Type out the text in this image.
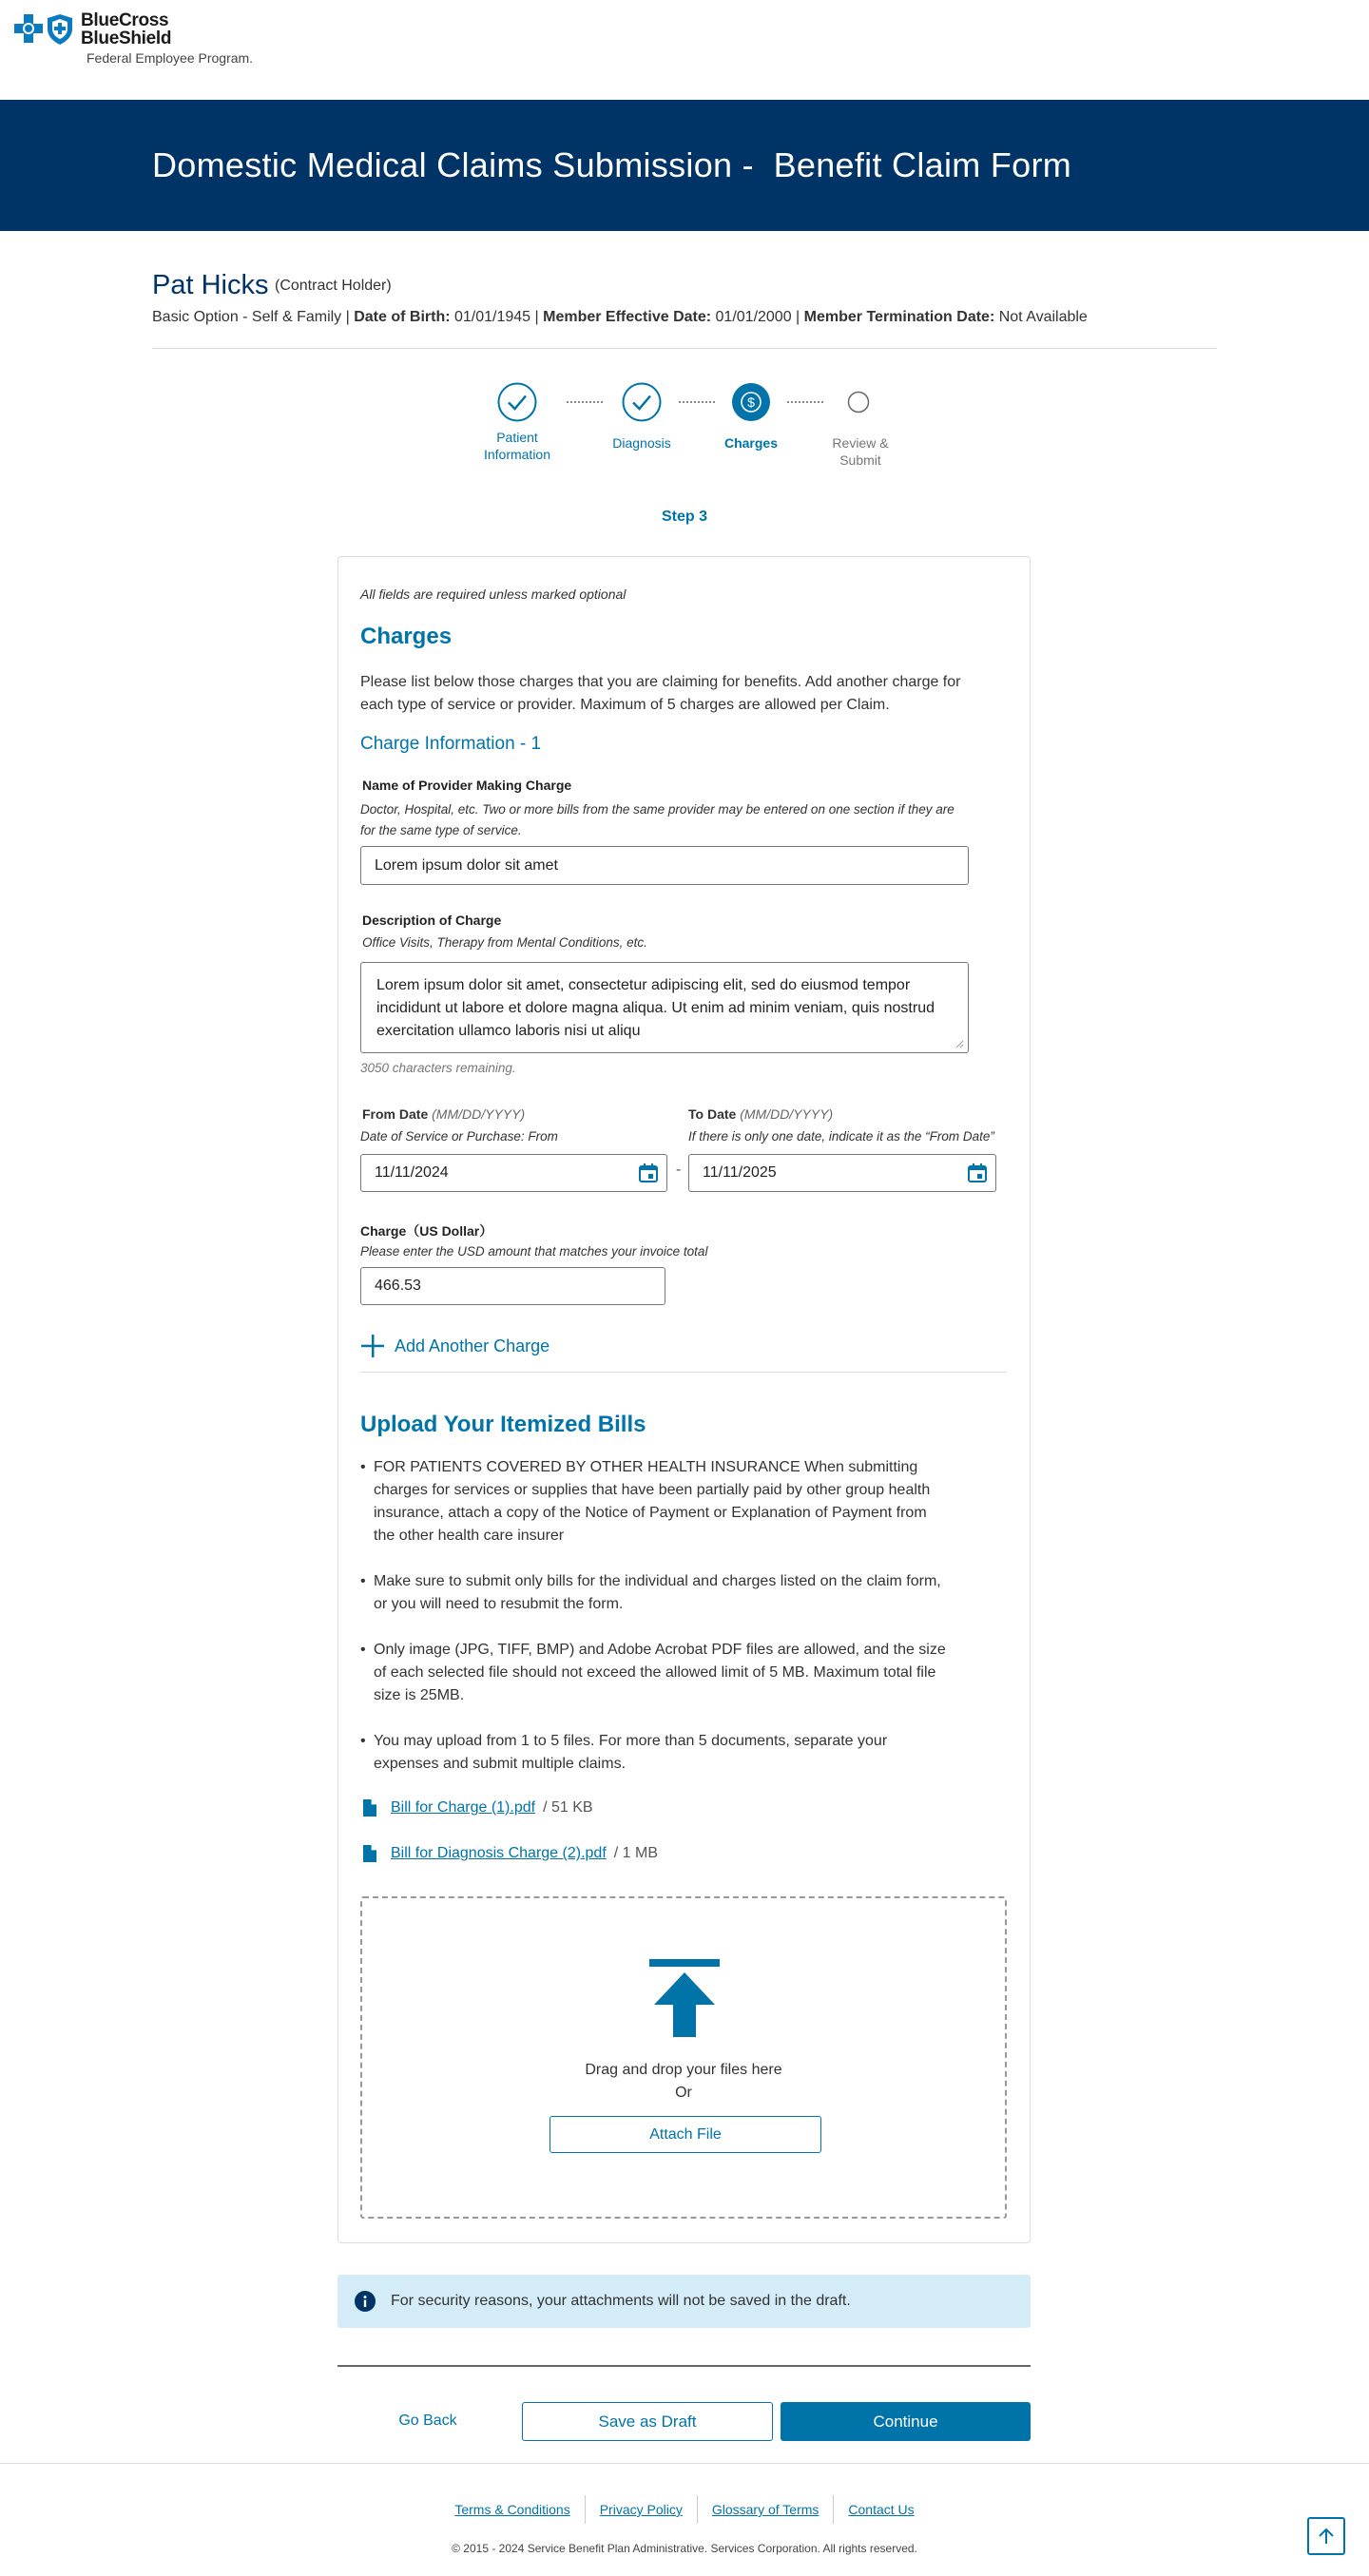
BlueCross
BlueShield
Federal Employee Program.
Domestic Medical Claims Submission -  Benefit Claim Form
Pat Hicks (Contract Holder)
Basic Option - Self & Family | Date of Birth: 01/01/1945 | Member Effective Date: 01/01/2000 | Member Termination Date: Not Available
$
Patient
Information
Diagnosis	Charges	Review &
Submit
Step 3
All fields are required unless marked optional
Charges
Please list below those charges that you are claiming for benefits. Add another charge for each type of service or provider. Maximum of 5 charges are allowed per Claim.
Charge Information - 1
Name of Provider Making Charge
Doctor, Hospital, etc. Two or more bills from the same provider may be entered on one section if they are for the same type of service.
Lorem ipsum dolor sit amet
Description of Charge
Office Visits, Therapy from Mental Conditions, etc.
Lorem ipsum dolor sit amet, consectetur adipiscing elit, sed do eiusmod tempor incididunt ut labore et dolore magna aliqua. Ut enim ad minim veniam, quis nostrud exercitation ullamco laboris nisi ut aliqu
3050 characters remaining.
From Date (MM/DD/YYYY)
Date of Service or Purchase: From
11/11/2024	-
To Date (MM/DD/YYYY)
If there is only one date, indicate it as the “From Date”
11/11/2025
Charge（US Dollar）
Please enter the USD amount that matches your invoice total
466.53
Add Another Charge
Upload Your Itemized Bills
• FOR PATIENTS COVERED BY OTHER HEALTH INSURANCE When submitting charges for services or supplies that have been partially paid by other group health insurance, attach a copy of the Notice of Payment or Explanation of Payment from the other health care insurer
• Make sure to submit only bills for the individual and charges listed on the claim form, or you will need to resubmit the form.
• Only image (JPG, TIFF, BMP) and Adobe Acrobat PDF files are allowed, and the size of each selected file should not exceed the allowed limit of 5 MB. Maximum total file size is 25MB.
• You may upload from 1 to 5 files. For more than 5 documents, separate your expenses and submit multiple claims.
Bill for Charge (1).pdf / 51 KB
Bill for Diagnosis Charge (2).pdf / 1 MB
Drag and drop your files here
Or
Attach File
For security reasons, your attachments will not be saved in the draft.
Go Back	Save as Draft	Continue
Terms & Conditions	Privacy Policy	Glossary of Terms	Contact Us
© 2015 - 2024 Service Benefit Plan Administrative. Services Corporation. All rights reserved.
